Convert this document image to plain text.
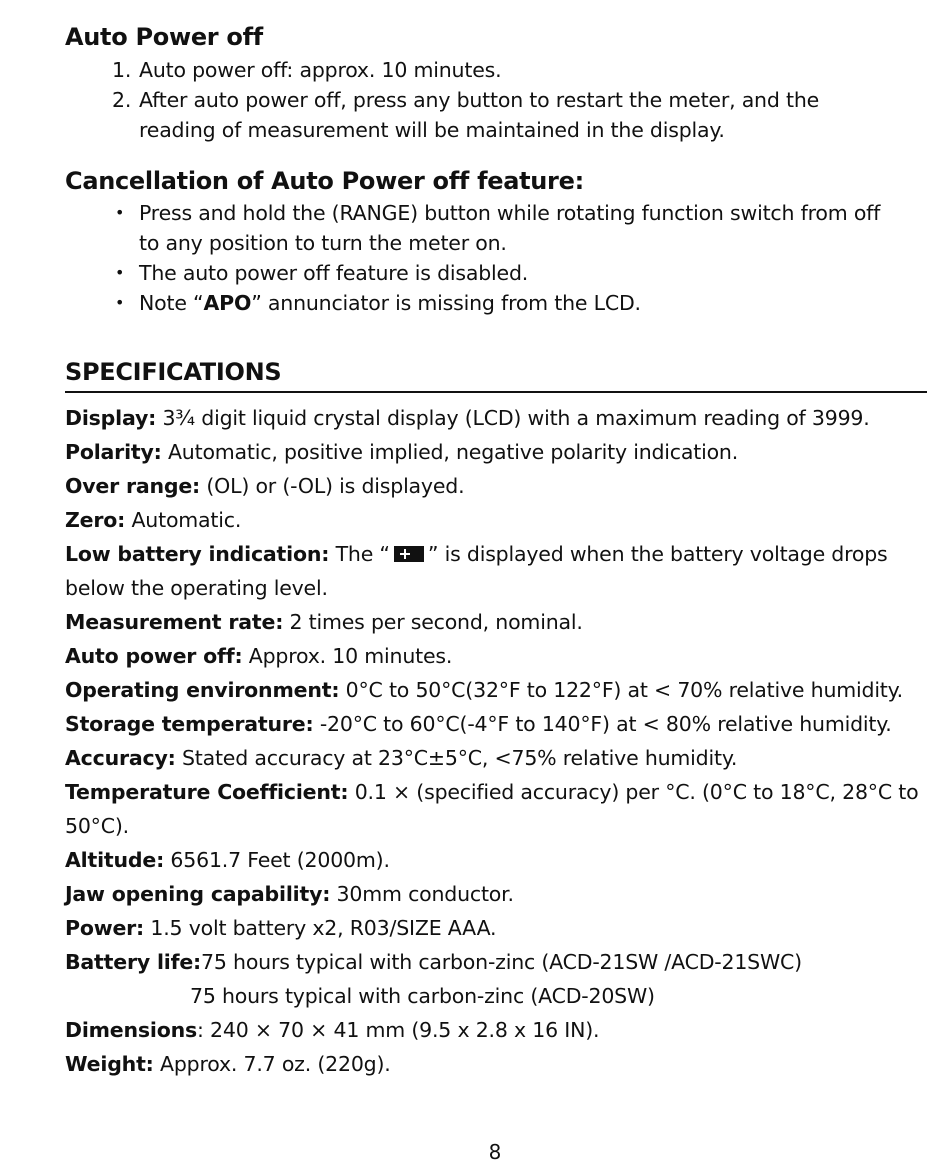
Auto Power off
1. Auto power off: approx. 10 minutes.
2. After auto power off, press any button to restart the meter, and the
reading of measurement will be maintained in the display.
Cancellation of Auto Power off feature:
• Press and hold the (RANGE) button while rotating function switch from off
to any position to turn the meter on.
• The auto power off feature is disabled.
• Note “APO” annunciator is missing from the LCD.
SPECIFICATIONS
Display: 3¾ digit liquid crystal display (LCD) with a maximum reading of 3999.
Polarity: Automatic, positive implied, negative polarity indication.
Over range: (OL) or (-OL) is displayed.
Zero: Automatic.
Low battery indication: The “ ” is displayed when the battery voltage drops
below the operating level.
Measurement rate: 2 times per second, nominal.
Auto power off: Approx. 10 minutes.
Operating environment: 0°C to 50°C(32°F to 122°F) at < 70% relative humidity.
Storage temperature: -20°C to 60°C(-4°F to 140°F) at < 80% relative humidity.
Accuracy: Stated accuracy at 23°C±5°C, <75% relative humidity.
Temperature Coefficient: 0.1 × (specified accuracy) per °C. (0°C to 18°C, 28°C to
50°C).
Altitude: 6561.7 Feet (2000m).
Jaw opening capability: 30mm conductor.
Power: 1.5 volt battery x2, R03/SIZE AAA.
Battery life:75 hours typical with carbon-zinc (ACD-21SW /ACD-21SWC)
75 hours typical with carbon-zinc (ACD-20SW)
Dimensions: 240 × 70 × 41 mm (9.5 x 2.8 x 16 IN).
Weight: Approx. 7.7 oz. (220g).
8
